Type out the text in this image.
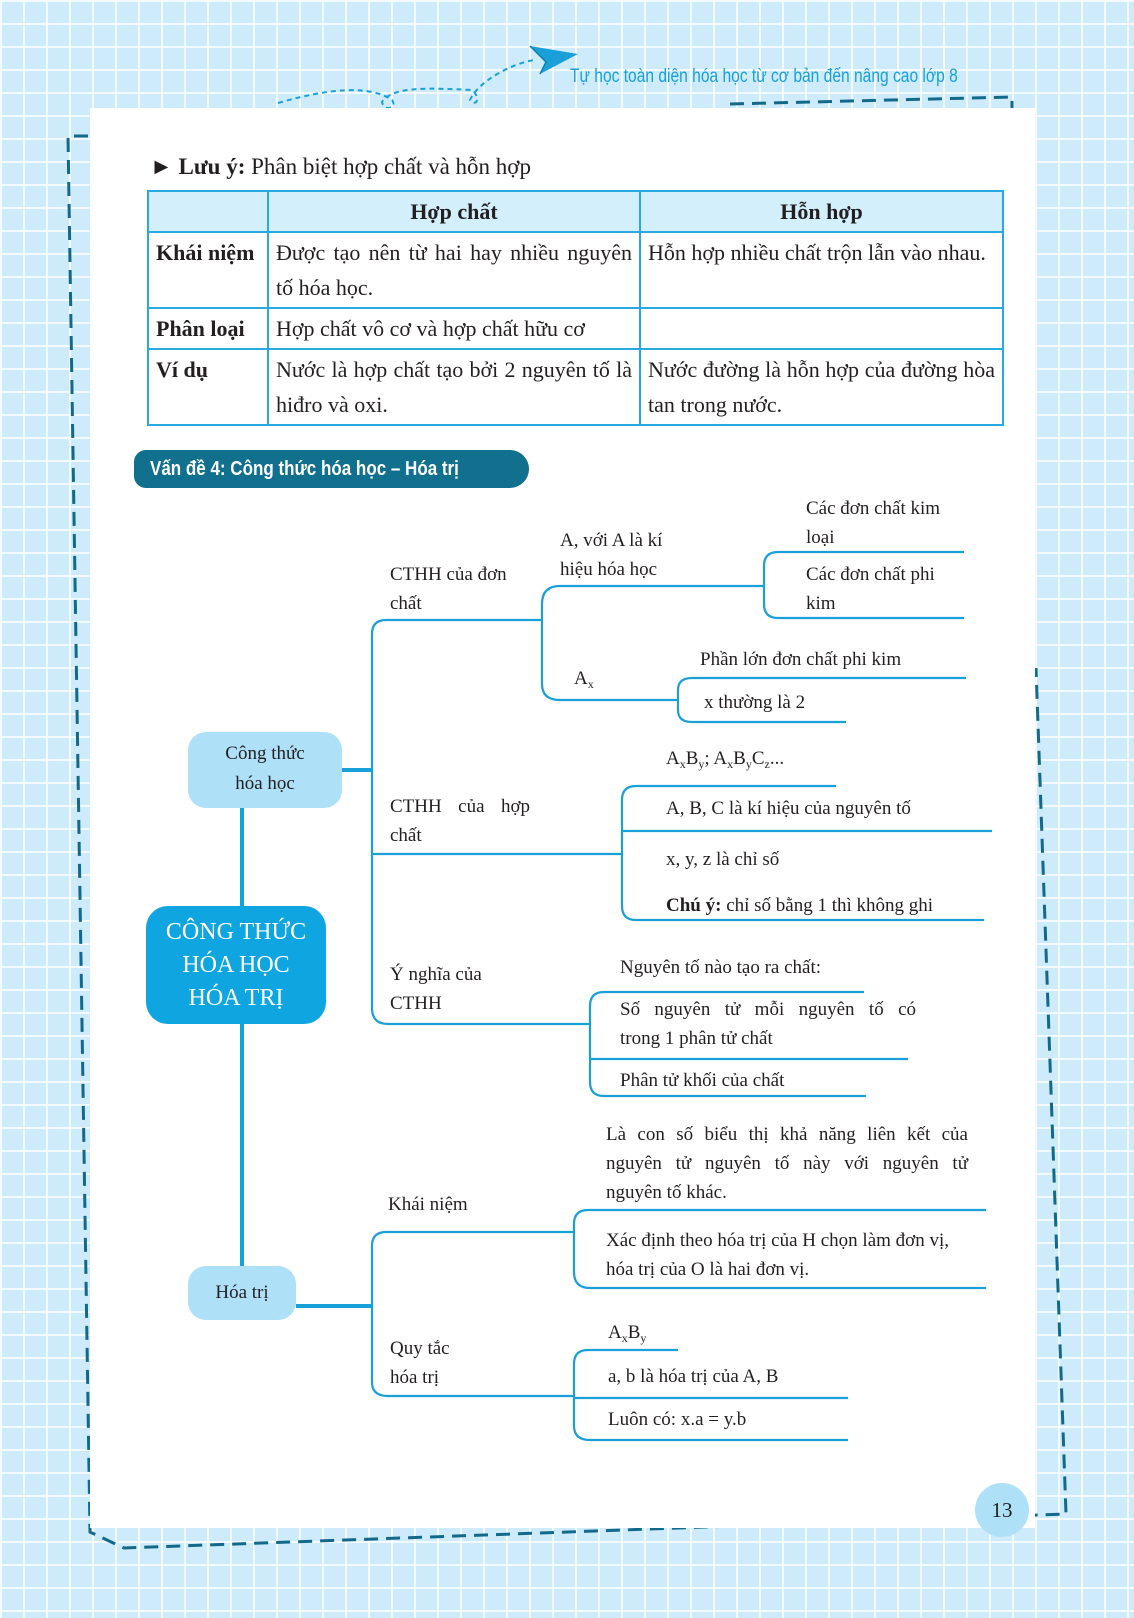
Tự học toàn diện hóa học từ cơ bản đến nâng cao lớp 8
► Lưu ý: Phân biệt hợp chất và hỗn hợp
	Hợp chất	Hỗn hợp
Khái niệm	Được tạo nên từ hai hay nhiều nguyên tố hóa học.	Hỗn hợp nhiều chất trộn lẫn vào nhau.
Phân loại	Hợp chất vô cơ và hợp chất hữu cơ	
Ví dụ	Nước là hợp chất tạo bởi 2 nguyên tố là hiđro và oxi.	Nước đường là hỗn hợp của đường hòa tan trong nước.
Vấn đề 4: Công thức hóa học – Hóa trị
Công thức
hóa học
CÔNG THỨC
HÓA HỌC
HÓA TRỊ
Hóa trị
CTHH của đơn
chất
A, với A là kí
hiệu hóa học
Các đơn chất kim
loại
Các đơn chất phi
kim
$A_x$
Phần lớn đơn chất phi kim
x thường là 2
CTHH của hợp
chất
$A_xB_y$; $A_xB_yC_z$...
A, B, C là kí hiệu của nguyên tố
x, y, z là chỉ số
Chú ý: chỉ số bằng 1 thì không ghi
Ý nghĩa của
CTHH
Nguyên tố nào tạo ra chất:
Số nguyên tử mỗi nguyên tố có
trong 1 phân tử chất
Phân tử khối của chất
Khái niệm
Là con số biểu thị khả năng liên kết của
nguyên tử nguyên tố này với nguyên tử
nguyên tố khác.
Xác định theo hóa trị của H chọn làm đơn vị,
hóa trị của O là hai đơn vị.
Quy tắc
hóa trị
$A_xB_y$
a, b là hóa trị của A, B
Luôn có: x.a = y.b
13
